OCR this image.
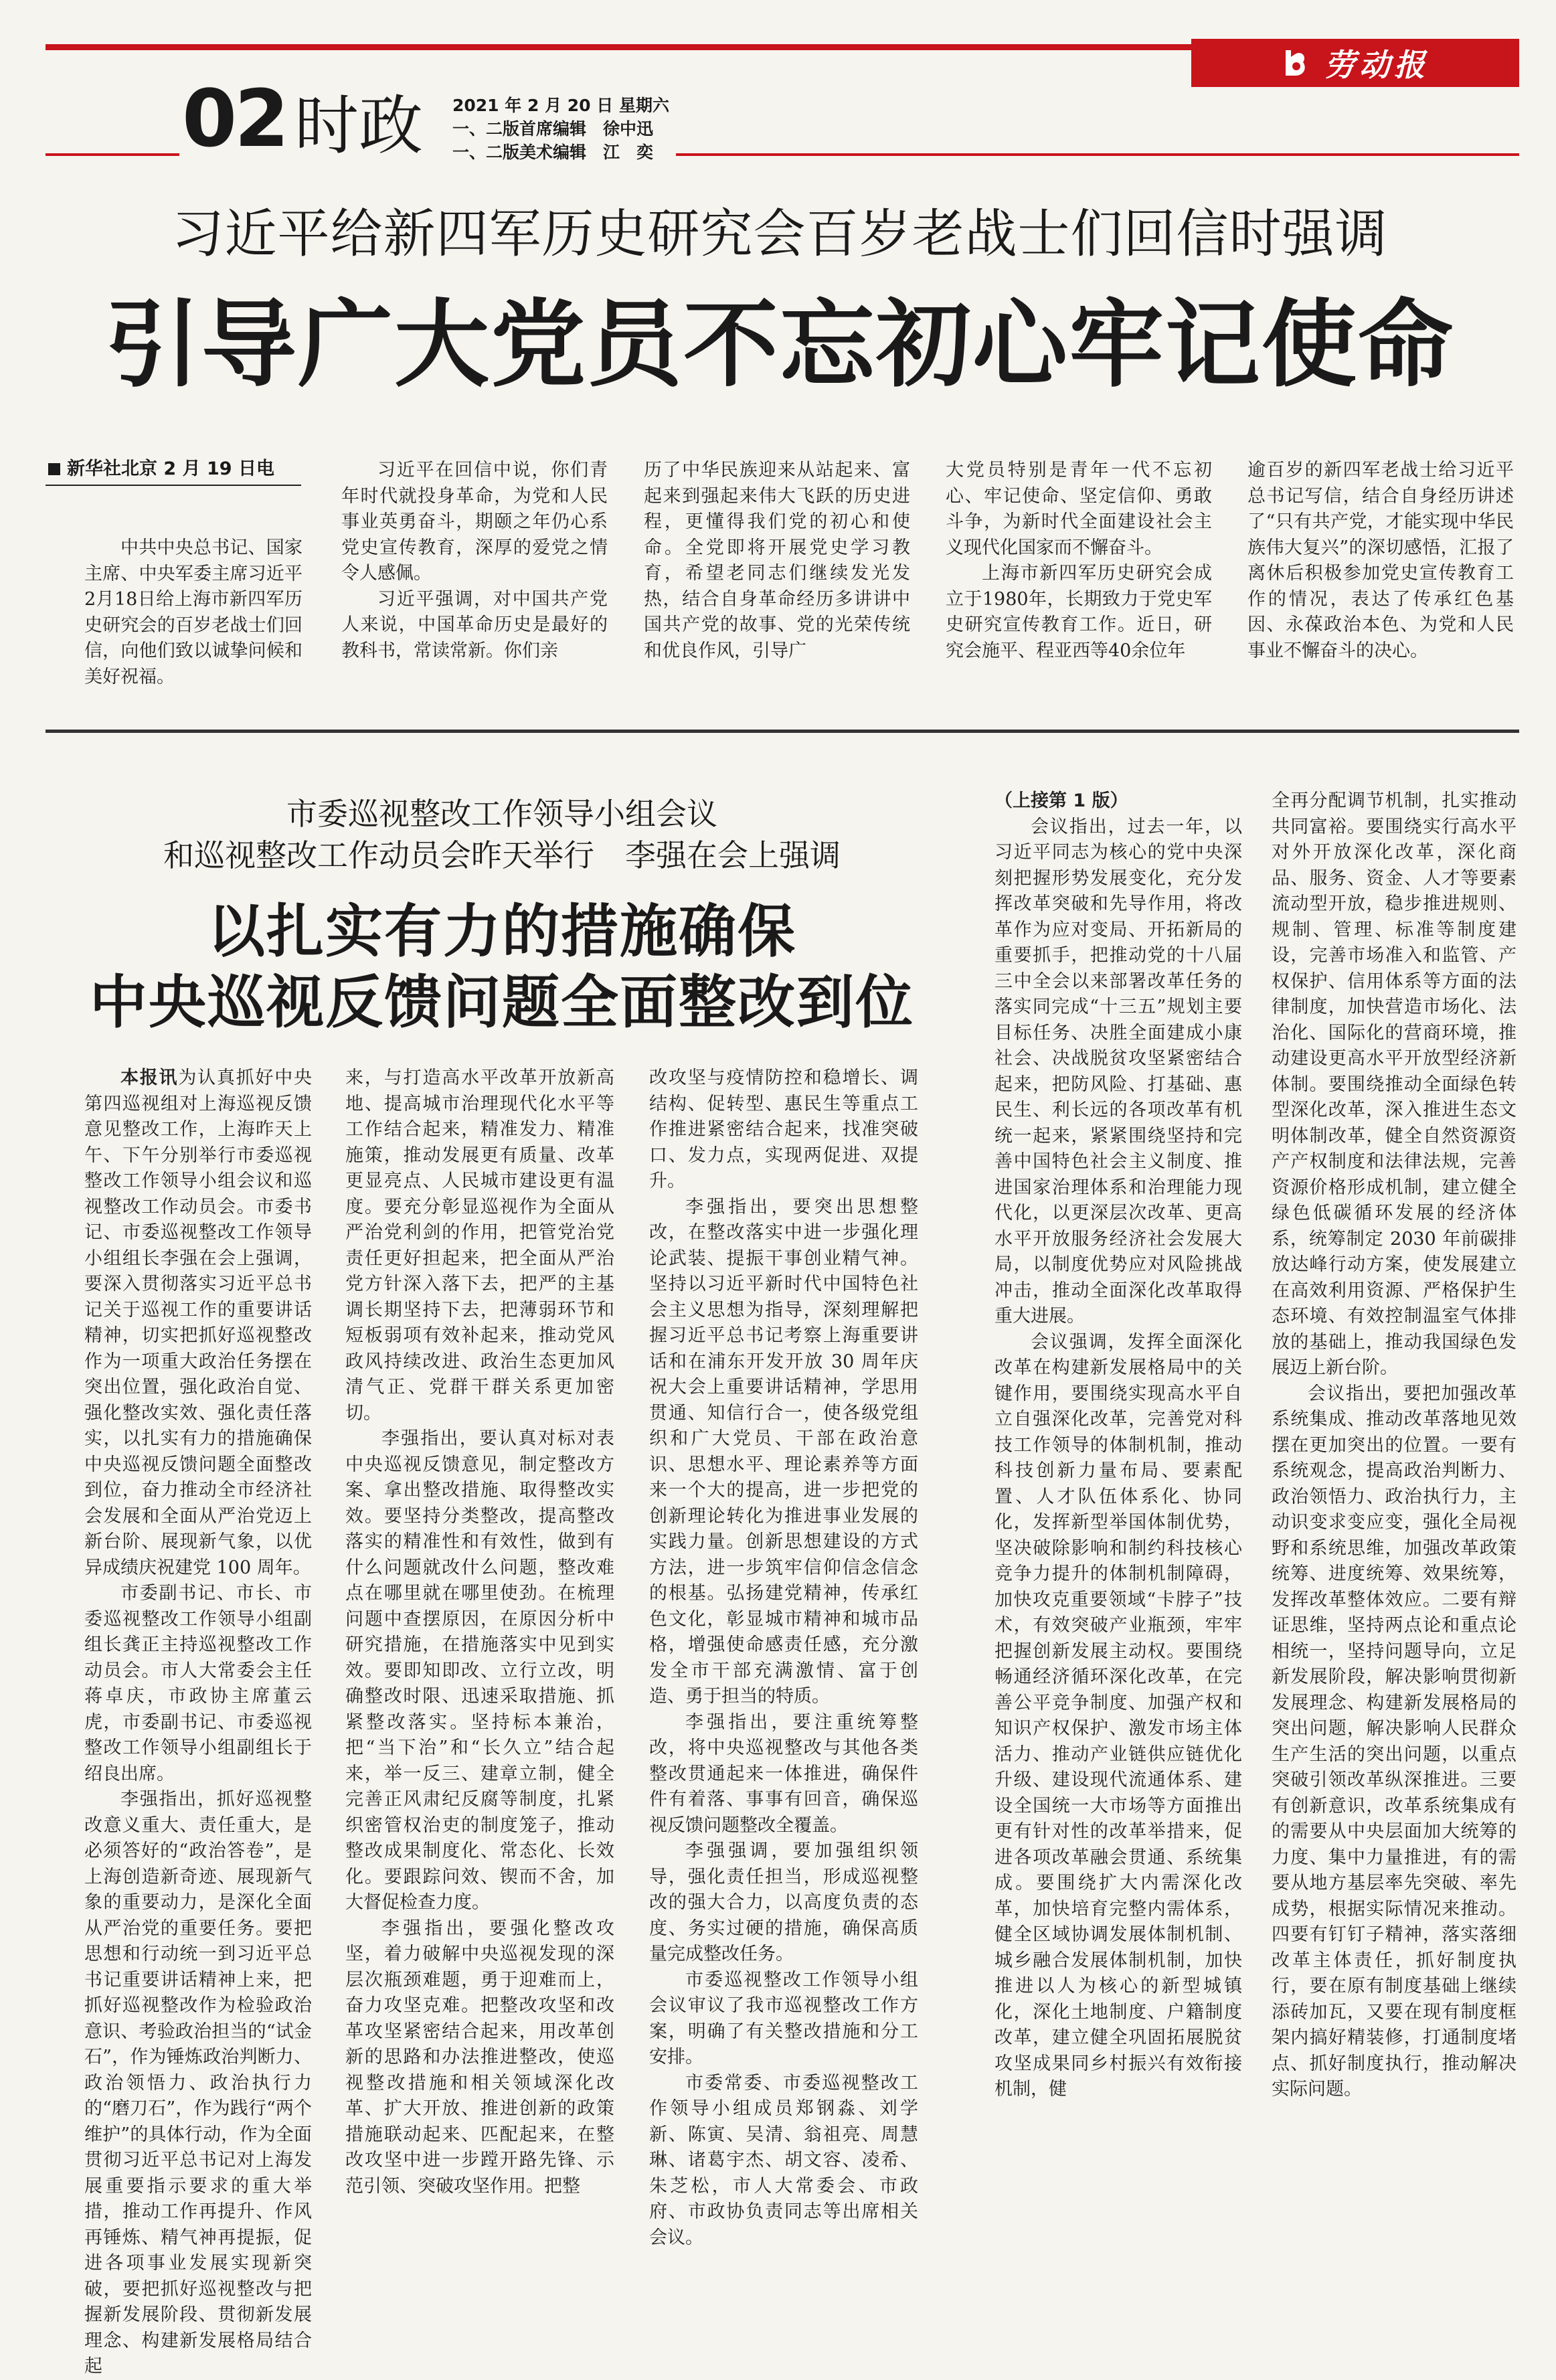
劳动报
02 时政 2021 年 2 月 20 日 星期六
一、二版首席编辑　徐中迅
一、二版美术编辑　江　奕
习近平给新四军历史研究会百岁老战士们回信时强调
引导广大党员不忘初心牢记使命
新华社北京 2 月 19 日电

中共中央总书记、国家主席、中央军委主席习近平2月18日给上海市新四军历史研究会的百岁老战士们回信，向他们致以诚挚问候和美好祝福。

习近平在回信中说，你们青年时代就投身革命，为党和人民事业英勇奋斗，期颐之年仍心系党史宣传教育，深厚的爱党之情令人感佩。

习近平强调，对中国共产党人来说，中国革命历史是最好的教科书，常读常新。你们亲

历了中华民族迎来从站起来、富起来到强起来伟大飞跃的历史进程，更懂得我们党的初心和使命。全党即将开展党史学习教育，希望老同志们继续发光发热，结合自身革命经历多讲讲中国共产党的故事、党的光荣传统和优良作风，引导广

大党员特别是青年一代不忘初心、牢记使命、坚定信仰、勇敢斗争，为新时代全面建设社会主义现代化国家而不懈奋斗。

上海市新四军历史研究会成立于1980年，长期致力于党史军史研究宣传教育工作。近日，研究会施平、程亚西等40余位年

逾百岁的新四军老战士给习近平总书记写信，结合自身经历讲述了“只有共产党，才能实现中华民族伟大复兴”的深切感悟，汇报了离休后积极参加党史宣传教育工作的情况，表达了传承红色基因、永葆政治本色、为党和人民事业不懈奋斗的决心。

市委巡视整改工作领导小组会议
和巡视整改工作动员会昨天举行　李强在会上强调
以扎实有力的措施确保
中央巡视反馈问题全面整改到位

本报讯为认真抓好中央第四巡视组对上海巡视反馈意见整改工作，上海昨天上午、下午分别举行市委巡视整改工作领导小组会议和巡视整改工作动员会。市委书记、市委巡视整改工作领导小组组长李强在会上强调，要深入贯彻落实习近平总书记关于巡视工作的重要讲话精神，切实把抓好巡视整改作为一项重大政治任务摆在突出位置，强化政治自觉、强化整改实效、强化责任落实，以扎实有力的措施确保中央巡视反馈问题全面整改到位，奋力推动全市经济社会发展和全面从严治党迈上新台阶、展现新气象，以优异成绩庆祝建党 100 周年。

市委副书记、市长、市委巡视整改工作领导小组副组长龚正主持巡视整改工作动员会。市人大常委会主任蒋卓庆，市政协主席董云虎，市委副书记、市委巡视整改工作领导小组副组长于绍良出席。

李强指出，抓好巡视整改意义重大、责任重大，是必须答好的“政治答卷”，是上海创造新奇迹、展现新气象的重要动力，是深化全面从严治党的重要任务。要把思想和行动统一到习近平总书记重要讲话精神上来，把抓好巡视整改作为检验政治意识、考验政治担当的“试金石”，作为锤炼政治判断力、政治领悟力、政治执行力的“磨刀石”，作为践行“两个维护”的具体行动，作为全面贯彻习近平总书记对上海发展重要指示要求的重大举措，推动工作再提升、作风再锤炼、精气神再提振，促进各项事业发展实现新突破，要把抓好巡视整改与把握新发展阶段、贯彻新发展理念、构建新发展格局结合起

来，与打造高水平改革开放新高地、提高城市治理现代化水平等工作结合起来，精准发力、精准施策，推动发展更有质量、改革更显亮点、人民城市建设更有温度。要充分彰显巡视作为全面从严治党利剑的作用，把管党治党责任更好担起来，把全面从严治党方针深入落下去，把严的主基调长期坚持下去，把薄弱环节和短板弱项有效补起来，推动党风政风持续改进、政治生态更加风清气正、党群干群关系更加密切。

李强指出，要认真对标对表中央巡视反馈意见，制定整改方案、拿出整改措施、取得整改实效。要坚持分类整改，提高整改落实的精准性和有效性，做到有什么问题就改什么问题，整改难点在哪里就在哪里使劲。在梳理问题中查摆原因，在原因分析中研究措施，在措施落实中见到实效。要即知即改、立行立改，明确整改时限、迅速采取措施、抓紧整改落实。坚持标本兼治，把“当下治”和“长久立”结合起来，举一反三、建章立制，健全完善正风肃纪反腐等制度，扎紧织密管权治吏的制度笼子，推动整改成果制度化、常态化、长效化。要跟踪问效、锲而不舍，加大督促检查力度。

李强指出，要强化整改攻坚，着力破解中央巡视发现的深层次瓶颈难题，勇于迎难而上，奋力攻坚克难。把整改攻坚和改革攻坚紧密结合起来，用改革创新的思路和办法推进整改，使巡视整改措施和相关领域深化改革、扩大开放、推进创新的政策措施联动起来、匹配起来，在整改攻坚中进一步蹚开路先锋、示范引领、突破攻坚作用。把整

改攻坚与疫情防控和稳增长、调结构、促转型、惠民生等重点工作推进紧密结合起来，找准突破口、发力点，实现两促进、双提升。

李强指出，要突出思想整改，在整改落实中进一步强化理论武装、提振干事创业精气神。坚持以习近平新时代中国特色社会主义思想为指导，深刻理解把握习近平总书记考察上海重要讲话和在浦东开发开放 30 周年庆祝大会上重要讲话精神，学思用贯通、知信行合一，使各级党组织和广大党员、干部在政治意识、思想水平、理论素养等方面来一个大的提高，进一步把党的创新理论转化为推进事业发展的实践力量。创新思想建设的方式方法，进一步筑牢信仰信念信念的根基。弘扬建党精神，传承红色文化，彰显城市精神和城市品格，增强使命感责任感，充分激发全市干部充满激情、富于创造、勇于担当的特质。

李强指出，要注重统筹整改，将中央巡视整改与其他各类整改贯通起来一体推进，确保件件有着落、事事有回音，确保巡视反馈问题整改全覆盖。

李强强调，要加强组织领导，强化责任担当，形成巡视整改的强大合力，以高度负责的态度、务实过硬的措施，确保高质量完成整改任务。

市委巡视整改工作领导小组会议审议了我市巡视整改工作方案，明确了有关整改措施和分工安排。

市委常委、市委巡视整改工作领导小组成员郑钢淼、刘学新、陈寅、吴清、翁祖亮、周慧琳、诸葛宇杰、胡文容、凌希、朱芝松，市人大常委会、市政府、市政协负责同志等出席相关会议。

（上接第 1 版）

会议指出，过去一年，以习近平同志为核心的党中央深刻把握形势发展变化，充分发挥改革突破和先导作用，将改革作为应对变局、开拓新局的重要抓手，把推动党的十八届三中全会以来部署改革任务的落实同完成“十三五”规划主要目标任务、决胜全面建成小康社会、决战脱贫攻坚紧密结合起来，把防风险、打基础、惠民生、利长远的各项改革有机统一起来，紧紧围绕坚持和完善中国特色社会主义制度、推进国家治理体系和治理能力现代化，以更深层次改革、更高水平开放服务经济社会发展大局，以制度优势应对风险挑战冲击，推动全面深化改革取得重大进展。

会议强调，发挥全面深化改革在构建新发展格局中的关键作用，要围绕实现高水平自立自强深化改革，完善党对科技工作领导的体制机制，推动科技创新力量布局、要素配置、人才队伍体系化、协同化，发挥新型举国体制优势，坚决破除影响和制约科技核心竞争力提升的体制机制障碍，加快攻克重要领域“卡脖子”技术，有效突破产业瓶颈，牢牢把握创新发展主动权。要围绕畅通经济循环深化改革，在完善公平竞争制度、加强产权和知识产权保护、激发市场主体活力、推动产业链供应链优化升级、建设现代流通体系、建设全国统一大市场等方面推出更有针对性的改革举措来，促进各项改革融会贯通、系统集成。要围绕扩大内需深化改革，加快培育完整内需体系，健全区域协调发展体制机制、城乡融合发展体制机制，加快推进以人为核心的新型城镇化，深化土地制度、户籍制度改革，建立健全巩固拓展脱贫攻坚成果同乡村振兴有效衔接机制，健

全再分配调节机制，扎实推动共同富裕。要围绕实行高水平对外开放深化改革，深化商品、服务、资金、人才等要素流动型开放，稳步推进规则、规制、管理、标准等制度建设，完善市场准入和监管、产权保护、信用体系等方面的法律制度，加快营造市场化、法治化、国际化的营商环境，推动建设更高水平开放型经济新体制。要围绕推动全面绿色转型深化改革，深入推进生态文明体制改革，健全自然资源资产产权制度和法律法规，完善资源价格形成机制，建立健全绿色低碳循环发展的经济体系，统筹制定 2030 年前碳排放达峰行动方案，使发展建立在高效利用资源、严格保护生态环境、有效控制温室气体排放的基础上，推动我国绿色发展迈上新台阶。

会议指出，要把加强改革系统集成、推动改革落地见效摆在更加突出的位置。一要有系统观念，提高政治判断力、政治领悟力、政治执行力，主动识变求变应变，强化全局视野和系统思维，加强改革政策统筹、进度统筹、效果统筹，发挥改革整体效应。二要有辩证思维，坚持两点论和重点论相统一，坚持问题导向，立足新发展阶段，解决影响贯彻新发展理念、构建新发展格局的突出问题，解决影响人民群众生产生活的突出问题，以重点突破引领改革纵深推进。三要有创新意识，改革系统集成有的需要从中央层面加大统筹的力度、集中力量推进，有的需要从地方基层率先突破、率先成势，根据实际情况来推动。四要有钉钉子精神，落实落细改革主体责任，抓好制度执行，要在原有制度基础上继续添砖加瓦，又要在现有制度框架内搞好精装修，打通制度堵点、抓好制度执行，推动解决实际问题。
